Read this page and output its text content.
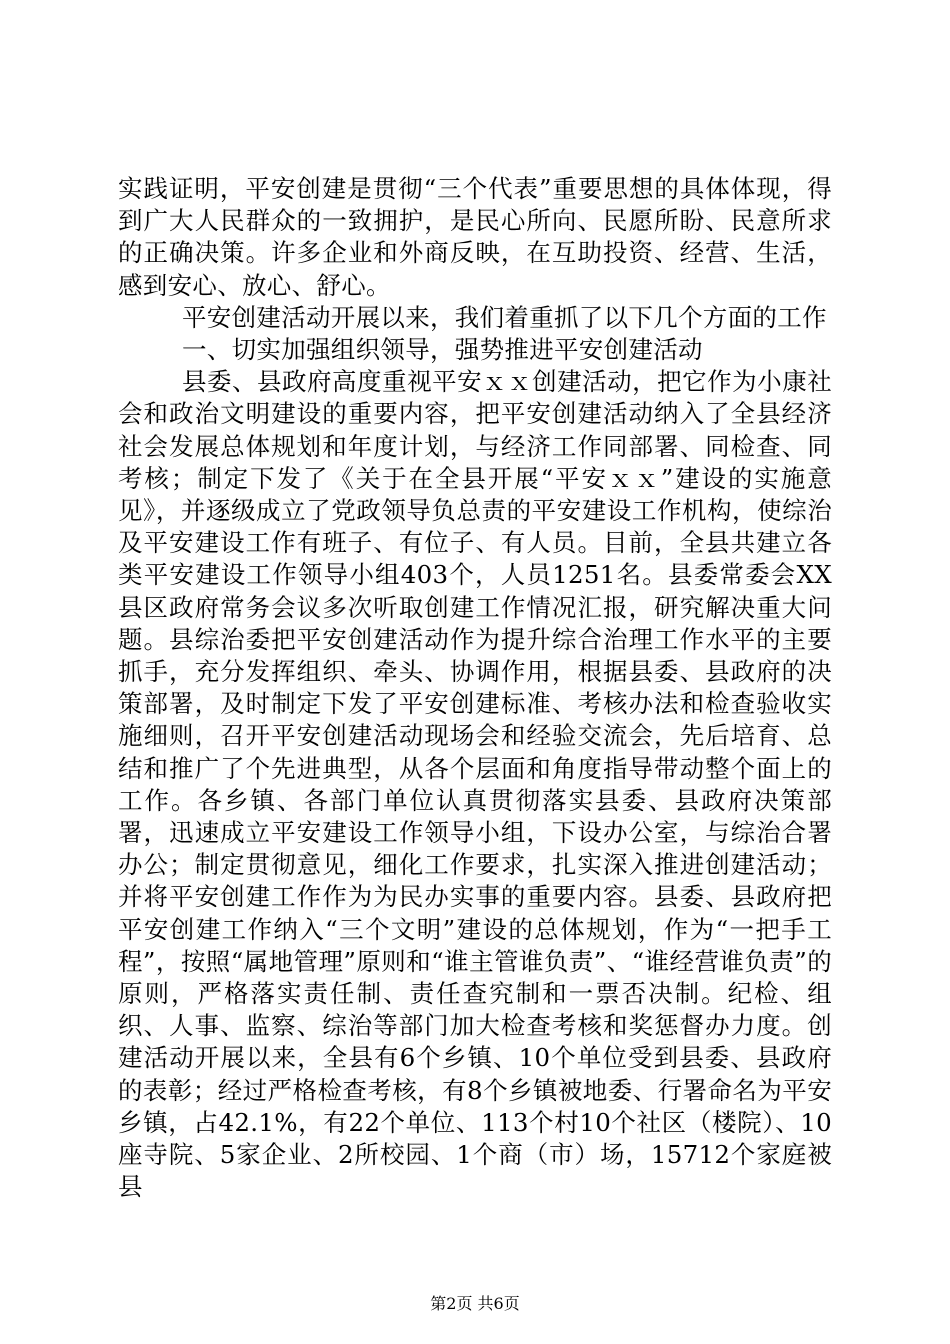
实践证明，平安创建是贯彻“三个代表”重要思想的具体体现，得到广大人民群众的一致拥护，是民心所向、民愿所盼、民意所求的正确决策。许多企业和外商反映，在互助投资、经营、生活，感到安心、放心、舒心。

平安创建活动开展以来，我们着重抓了以下几个方面的工作

一、切实加强组织领导，强势推进平安创建活动

县委、县政府高度重视平安ｘｘ创建活动，把它作为小康社会和政治文明建设的重要内容，把平安创建活动纳入了全县经济社会发展总体规划和年度计划，与经济工作同部署、同检查、同考核；制定下发了《关于在全县开展“平安ｘｘ”建设的实施意见》，并逐级成立了党政领导负总责的平安建设工作机构，使综治及平安建设工作有班子、有位子、有人员。目前，全县共建立各类平安建设工作领导小组403个，人员1251名。县委常委会XX县区政府常务会议多次听取创建工作情况汇报，研究解决重大问题。县综治委把平安创建活动作为提升综合治理工作水平的主要抓手，充分发挥组织、牵头、协调作用，根据县委、县政府的决策部署，及时制定下发了平安创建标准、考核办法和检查验收实施细则，召开平安创建活动现场会和经验交流会，先后培育、总结和推广了个先进典型，从各个层面和角度指导带动整个面上的工作。各乡镇、各部门单位认真贯彻落实县委、县政府决策部署，迅速成立平安建设工作领导小组，下设办公室，与综治合署办公；制定贯彻意见，细化工作要求，扎实深入推进创建活动；并将平安创建工作作为为民办实事的重要内容。县委、县政府把平安创建工作纳入“三个文明”建设的总体规划，作为“一把手工程”，按照“属地管理”原则和“谁主管谁负责”、“谁经营谁负责”的原则，严格落实责任制、责任查究制和一票否决制。纪检、组织、人事、监察、综治等部门加大检查考核和奖惩督办力度。创建活动开展以来，全县有6个乡镇、10个单位受到县委、县政府的表彰；经过严格检查考核，有8个乡镇被地委、行署命名为平安乡镇，占42.1%，有22个单位、113个村10个社区（楼院）、10座寺院、5家企业、2所校园、1个商（市）场，15712个家庭被县

第2页 共6页
